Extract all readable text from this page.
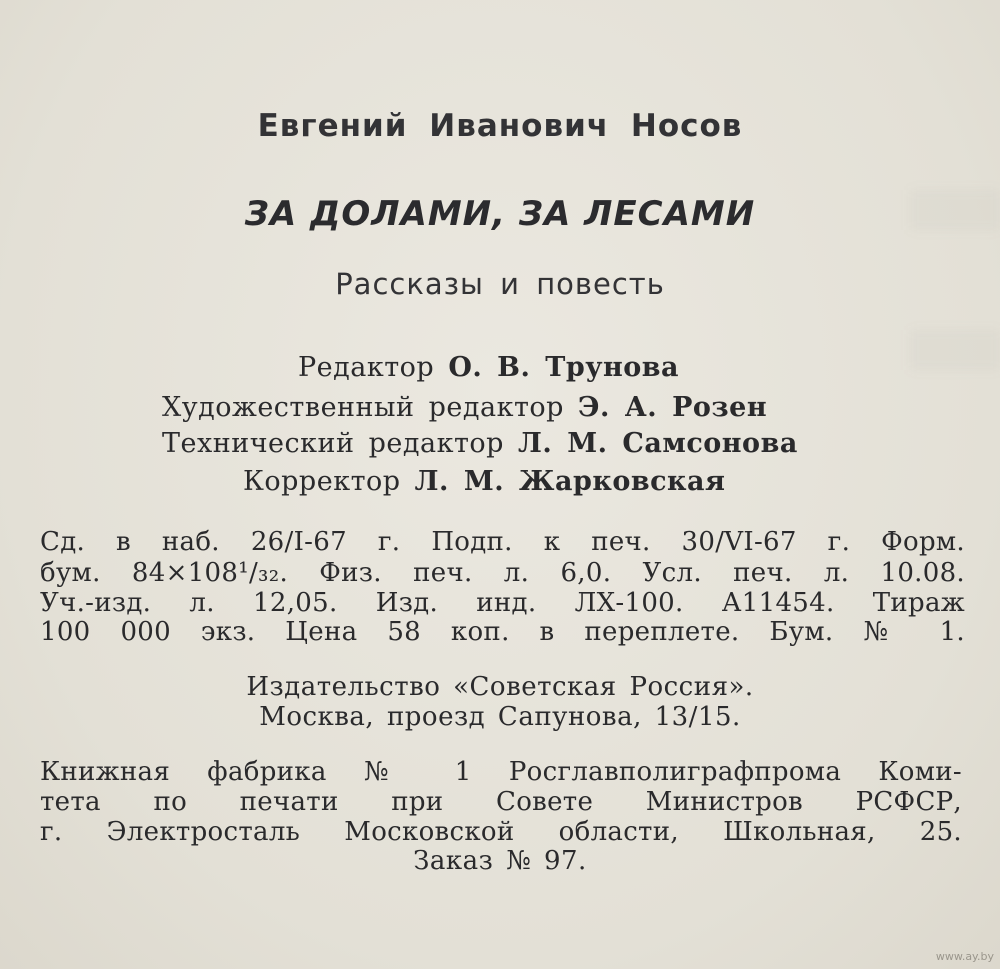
Евгений Иванович Носов
ЗА ДОЛАМИ, ЗА ЛЕСАМИ
Рассказы и повесть
Редактор О. В. Трунова
Художественный редактор Э. А. Розен
Технический редактор Л. М. Самсонова
Корректор Л. М. Жарковская
Сд. в наб. 26/I-67 г. Подп. к печ. 30/VI-67 г. Форм.
бум. 84×108¹/₃₂. Физ. печ. л. 6,0. Усл. печ. л. 10.08.
Уч.-изд. л. 12,05. Изд. инд. ЛХ-100. А11454. Тираж
100 000 экз. Цена 58 коп. в переплете. Бум. № 1.
Издательство «Советская Россия».
Москва, проезд Сапунова, 13/15.
Книжная фабрика № 1 Росглавполиграфпрома Коми-
тета по печати при Совете Министров РСФСР,
г. Электросталь Московской области, Школьная, 25.
Заказ № 97.
www.ay.by
